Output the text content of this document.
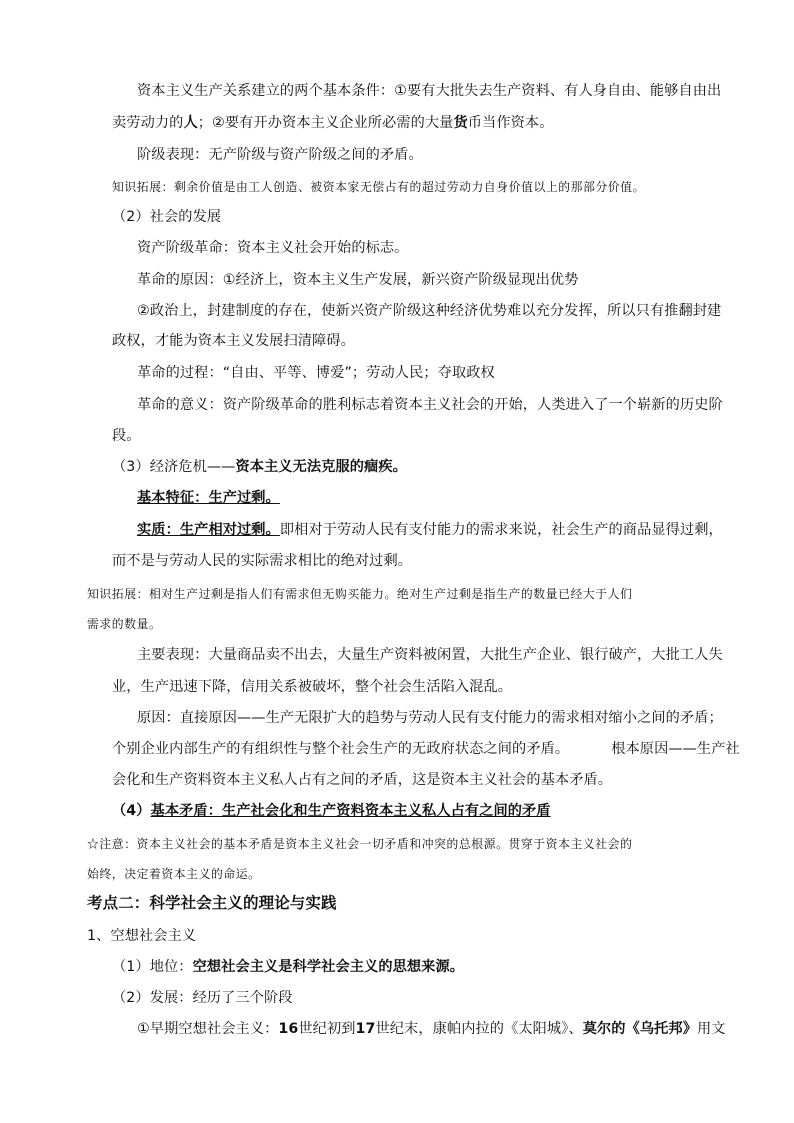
资本主义生产关系建立的两个基本条件：①要有大批失去生产资料、有人身自由、能够自由出
卖劳动力的人；②要有开办资本主义企业所必需的大量货币当作资本。
阶级表现：无产阶级与资产阶级之间的矛盾。
知识拓展：剩余价值是由工人创造、被资本家无偿占有的超过劳动力自身价值以上的那部分价值。
（2）社会的发展
资产阶级革命：资本主义社会开始的标志。
革命的原因：①经济上，资本主义生产发展，新兴资产阶级显现出优势
②政治上，封建制度的存在，使新兴资产阶级这种经济优势难以充分发挥，所以只有推翻封建
政权，才能为资本主义发展扫清障碍。
革命的过程：“自由、平等、博爱”；劳动人民；夺取政权
革命的意义：资产阶级革命的胜利标志着资本主义社会的开始，人类进入了一个崭新的历史阶
段。
（3）经济危机——资本主义无法克服的痼疾。
基本特征：生产过剩。
实质：生产相对过剩。即相对于劳动人民有支付能力的需求来说，社会生产的商品显得过剩，
而不是与劳动人民的实际需求相比的绝对过剩。
知识拓展：相对生产过剩是指人们有需求但无购买能力。绝对生产过剩是指生产的数量已经大于人们
需求的数量。
主要表现：大量商品卖不出去，大量生产资料被闲置，大批生产企业、银行破产，大批工人失
业，生产迅速下降，信用关系被破坏，整个社会生活陷入混乱。
原因：直接原因——生产无限扩大的趋势与劳动人民有支付能力的需求相对缩小之间的矛盾；
个别企业内部生产的有组织性与整个社会生产的无政府状态之间的矛盾。	根本原因——生产社
会化和生产资料资本主义私人占有之间的矛盾，这是资本主义社会的基本矛盾。
（4）基本矛盾：生产社会化和生产资料资本主义私人占有之间的矛盾
☆注意：资本主义社会的基本矛盾是资本主义社会一切矛盾和冲突的总根源。贯穿于资本主义社会的
始终，决定着资本主义的命运。
考点二：科学社会主义的理论与实践
1、空想社会主义
（1）地位：空想社会主义是科学社会主义的思想来源。
（2）发展：经历了三个阶段
①早期空想社会主义：16世纪初到17世纪末，康帕内拉的《太阳城》、莫尔的《乌托邦》用文
